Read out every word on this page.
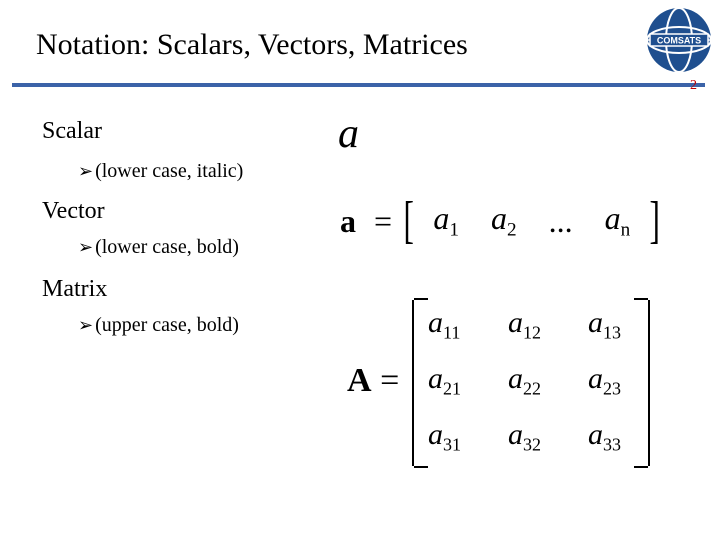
Notation: Scalars, Vectors, Matrices	COMSATS
2
Scalar
➢ (lower case, italic)
Vector
➢ (lower case, bold)
Matrix
➢ (upper case, bold)
a
a = [ $a_1$ $a_2$ ... $a_n$ ]
A =
$a_{11}$ $a_{12}$ $a_{13}$
$a_{21}$ $a_{22}$ $a_{23}$
$a_{31}$ $a_{32}$ $a_{33}$
